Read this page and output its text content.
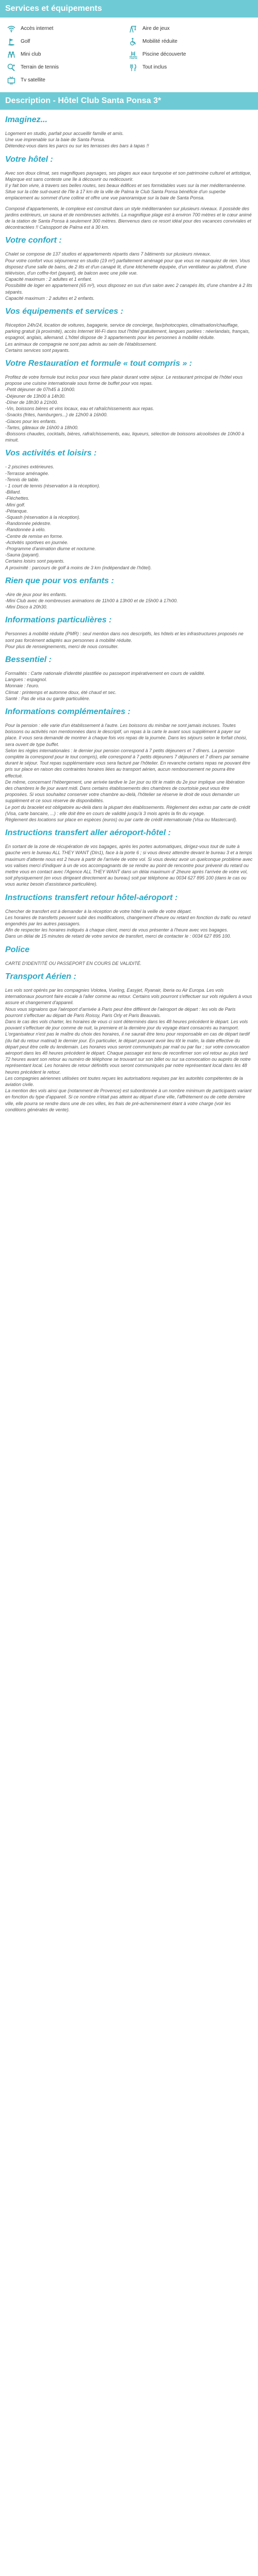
Services et équipements
Accès internet	Aire de jeux
Golf	Mobilité réduite
Mini club	Piscine découverte
Terrain de tennis	Tout inclus
Tv satellite
Description - Hôtel Club Santa Ponsa 3*
Imaginez...

Logement en studio, parfait pour accueillir famille et amis.
Une vue imprenable sur la baie de Santa Ponsa.
Détendez-vous dans les parcs ou sur les terrasses des bars à tapas !!

Votre hôtel :

Avec son doux climat, ses magnifiques paysages, ses plages aux eaux turquoise et son patrimoine culturel et artistique, Majorque est sans conteste une île à découvrir ou redécouvrir.
Il y fait bon vivre, à travers ses belles routes, ses beaux édifices et ses formidables vues sur la mer méditerranéenne.
Situe sur la côte sud-ouest de l'île à 17 km de la ville de Palma le Club Santa Ponsa bénéficie d'un superbe emplacement au sommet d'une colline et offre une vue panoramique sur la baie de Santa Ponsa.

Composé d'appartements, le complexe est construit dans un style méditerranéen sur plusieurs niveaux. Il possède des jardins extérieurs, un sauna et de nombreuses activités. La magnifique plage est à environ 700 mètres et le cœur animé de la station de Santa Ponsa à seulement 300 mètres. Bienvenus dans ce resort idéal pour des vacances conviviales et décontractées !! Caisspport de Palma est à 30 km.

Votre confort :

Chalet se compose de 137 studios et appartements répartis dans 7 bâtiments sur plusieurs niveaux.
Pour votre confort vous séjournerez en studio (19 m²) parfaitement aménagé pour que vous ne manquiez de rien. Vous disposez d'une salle de bains, de 2 lits et d'un canapé lit, d'une kitchenette équipée, d'un ventilateur au plafond, d'une télévision, d'un coffre-fort (payant), de balcon avec une jolie vue.
Capacité maximum : 2 adultes et 1 enfant.
Possibilité de loger en appartement (65 m²), vous disposez en sus d'un salon avec 2 canapés lits, d'une chambre à 2 lits séparés.
Capacité maximum : 2 adultes et 2 enfants.

Vos équipements et services :

Réception 24h/24, location de voitures, bagagerie, service de concierge, fax/photocopies, climatisation/chauffage, parking gratuit (à proximité), accès Internet Wi-Fi dans tout l'hôtel gratuitement, langues parlées : néerlandais, français, espagnol, anglais, allemand. L'hôtel dispose de 3 appartements pour les personnes à mobilité réduite.
Les animaux de compagnie ne sont pas admis au sein de l'établissement.
Certains services sont payants.

Votre Restauration et formule « tout compris » :

Profitez de votre formule tout inclus pour vous faire plaisir durant votre séjour. Le restaurant principal de l'hôtel vous propose une cuisine internationale sous forme de buffet pour vos repas.
-Petit déjeuner de 07h45 à 10h00.
-Déjeuner de 13h00 à 14h30.
-Dîner de 18h30 à 21h00.
-Vin, boissons bières et vins locaux, eau et rafraîchissements aux repas.
-Snacks (frites, hamburgers...) de 12h00 à 16h00.
-Glaces pour les enfants.
-Tartes, gâteaux de 16h00 à 18h00.
-Boissons chaudes, cocktails, bières, rafraîchissements, eau, liqueurs, sélection de boissons alcoolisées de 10h00 à minuit.

Vos activités et loisirs :

- 2 piscines extérieures.
-Terrasse aménagée.
-Tennis de table.
- 1 court de tennis (réservation à la réception).
-Billard.
-Fléchettes.
-Mini golf.
-Pétanque.
-Squash (réservation à la réception).
-Randonnée pédestre.
-Randonnée à vélo.
-Centre de remise en forme.
-Activités sportives en journée.
-Programme d'animation diurne et nocturne.
-Sauna (payant).
Certains loisirs sont payants.
A proximité : parcours de golf à moins de 3 km (indépendant de l'hôtel).

Rien que pour vos enfants :

-Aire de jeux pour les enfants.
-Mini Club avec de nombreuses animations de 11h00 à 13h00 et de 15h00 à 17h00.
-Mini Disco à 20h30.

Informations particulières :

Personnes à mobilité réduite (PMR) : seul mention dans nos descriptifs, les hôtels et les infrastructures proposés ne sont pas forcément adaptés aux personnes à mobilité réduite.
Pour plus de renseignements, merci de nous consulter.

Bessentiel :

Formalités : Carte nationale d'identité plastifiée ou passeport impérativement en cours de validité.
Langues : espagnol.
Monnaie : l'euro.
Climat : printemps et automne doux, été chaud et sec.
Santé : Pas de visa ou garde particulière.

Informations complémentaires :

Pour la pension : elle varie d'un établissement à l'autre. Les boissons du minibar ne sont jamais incluses. Toutes boissons ou activités non mentionnées dans le descriptif, un repas à la carte le avant sous supplément à payer sur place. Il vous sera demandé de montrer à chaque fois vos repas de la journée. Dans les séjours selon le forfait choisi, sera ouvert de type buffet.
Selon les règles internationales : le dernier jour pension correspond à 7 petits déjeuners et 7 dîners. La pension complète la correspond pour le tout compris), elle correspond à 7 petits déjeuners 7 déjeuners et 7 dîners par semaine durant le séjour. Tout repas supplémentaire vous sera facturé par l'hôtelier. En revanche certains repas ne pouvant être pris sur place en raison des contraintes horaires liées au transport aérien, aucun remboursement ne pourra être effectué.
De même, concernant l'hébergement, une arrivée tardive le 1er jour ou tôt le matin du 2e jour implique une libération des chambres le 8e jour avant midi. Dans certains établissements des chambres de courtoisie peut vous être proposées. Si vous souhaitez conserver votre chambre au-delà, l'hôtelier se réserve le droit de vous demander un supplément et ce sous réserve de disponibilités.
Le port du bracelet est obligatoire au-delà dans la plupart des établissements. Règlement des extras par carte de crédit (Visa, carte bancaire, ...) : elle doit être en cours de validité jusqu'à 3 mois après la fin du voyage.
Règlement des locations sur place en espèces (euros) ou par carte de crédit internationale (Visa ou Mastercard).

Instructions transfert aller aéroport-hôtel :

En sortant de la zone de récupération de vos bagages, après les portes automatiques, dirigez-vous tout de suite à gauche vers le bureau ALL THEY WANT (DIn1), face à la porte 6 ; si vous devez attendre devant le bureau 3 et a temps maximum d'attente nous est 2 heure à partir de l'arrivée de votre vol. Si vous deviez avoir un quelconque problème avec vos valises merci d'indiquer à un de vos accompagnants de se rendre au point de rencontre pour prévenir du retard ou mettre vous en contact avec l'Agence ALL THEY WANT dans un délai maximum d' 2heure après l'arrivée de votre vol, soit physiquement (en vous dirigeant directement au bureau) soit par téléphone au 0034 627 895 100 (dans le cas ou vous auriez besoin d'assistance particulière).

Instructions transfert retour hôtel-aéroport :

Chercher de transfert est à demander à la réception de votre hôtel la veille de votre départ.
Les horaires de transferts peuvent subir des modifications, changement d'heure ou retard en fonction du trafic ou retard engendrés par les autres passagers.
Afin de respecter les horaires indiqués à chaque client, merci de vous présenter à l'heure avec vos bagages.
Dans un délai de 15 minutes de retard de votre service de transfert, merci de contacter le : 0034 627 895 100.

Police

CARTE D'IDENTITÉ OU PASSEPORT EN COURS DE VALIDITÉ.

Transport Aérien :

Les vols sont opérés par les compagnies Volotea, Vueling, Easyjet, Ryanair, Iberia ou Air Europa. Les vols internationaux pourront faire escale à l'aller comme au retour. Certains vols pourront s'effectuer sur vols réguliers à vous assure et changement d'appareil.
Nous vous signalons que l'aéroport d'arrivée à Paris peut être différent de l'aéroport de départ : les vols de Paris pourront s'effectuer au départ de Paris Roissy, Paris Orly et Paris Beauvais.
Dans le cas des vols charter, les horaires de vous ci sont déterminés dans les 48 heures précédent le départ. Les vols pouvant s'effectuer de jour comme de nuit, la premiere et la dernière jour du voyage étant consacrés au transport.
L'organisateur n'est pas le maître du choix des horaires, il ne saurait être tenu pour responsable en cas de départ tardif (du fait du retour matinal) le dernier jour. En particulier, le départ pouvant avoir lieu tôt le matin, la date effective du départ peut être celle du lendemain. Les horaires vous seront communiqués par mail ou par fax ; sur votre convocation aéroport dans les 48 heures précédent le départ. Chaque passager est tenu de reconfirmer son vol retour au plus tard 72 heures avant son retour au numéro de téléphone se trouvant sur son billet ou sur sa convocation ou auprès de notre représentant local. Les horaires de retour définitifs vous seront communiqués par notre représentant local dans les 48 heures précédent le retour.
Les compagnies aériennes utilisées ont toutes reçues les autorisations requises par les autorités compétentes de la aviation civile.
La mention des vols ainsi que (notamment de Provence) est subordonnée à un nombre minimum de participants variant en fonction du type d'appareil. Si ce nombre n'était pas atteint au départ d'une ville, l'affrètement ou de cette dernière ville, elle pourra se rendre dans une de ces villes, les frais de pré-acheminement étant à votre charge (voir les conditions générales de vente).
